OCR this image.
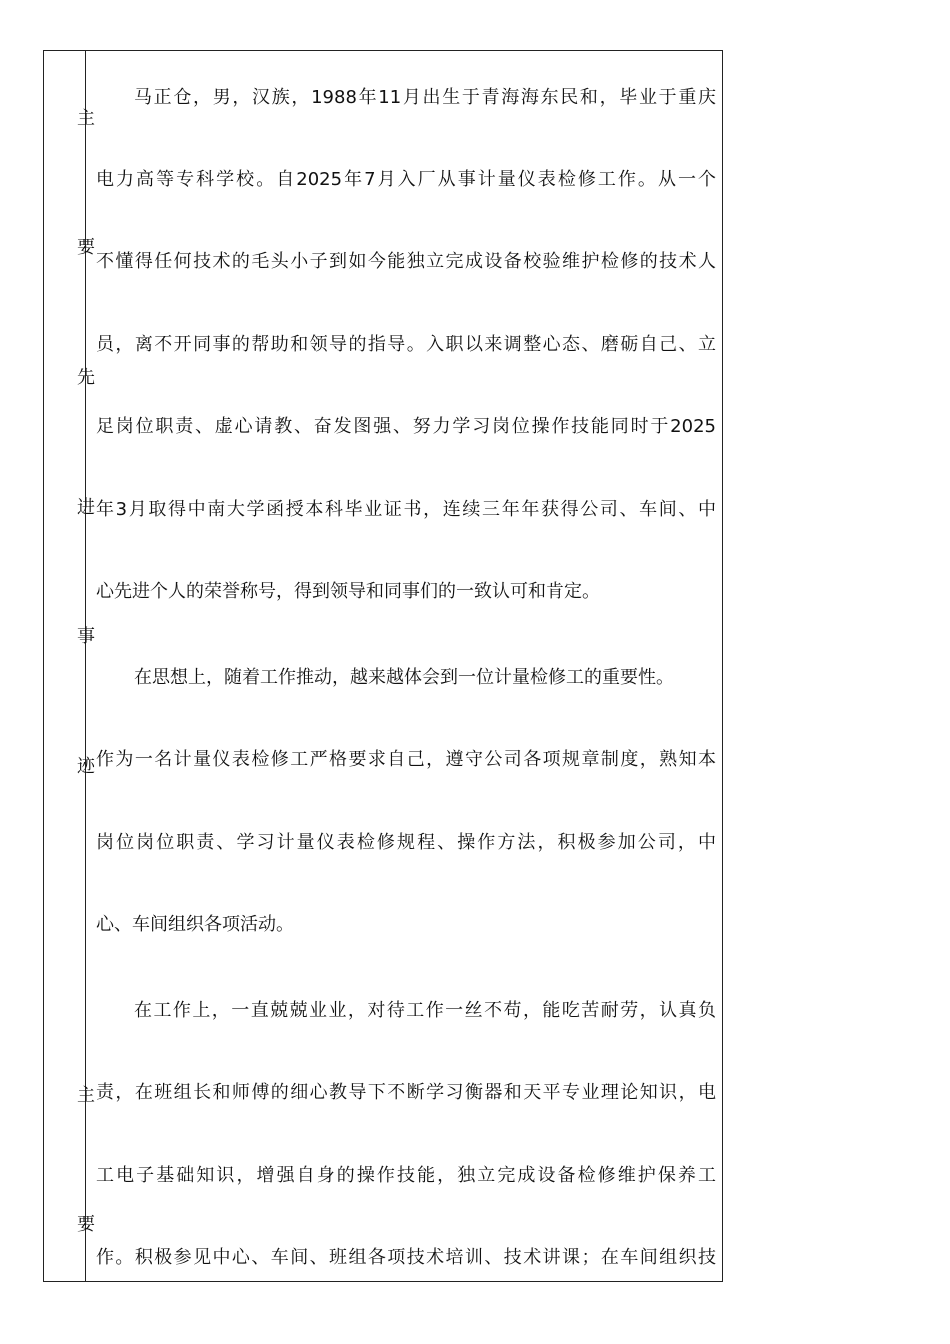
主
要
先
进
事
迹
主
要
马正仓，男，汉族，1988年11月出生于青海海东民和，毕业于重庆
电力高等专科学校。自2025年7月入厂从事计量仪表检修工作。从一个
不懂得任何技术的毛头小子到如今能独立完成设备校验维护检修的技术人
员，离不开同事的帮助和领导的指导。入职以来调整心态、磨砺自己、立
足岗位职责、虚心请教、奋发图强、努力学习岗位操作技能同时于2025
年3月取得中南大学函授本科毕业证书，连续三年年获得公司、车间、中
心先进个人的荣誉称号，得到领导和同事们的一致认可和肯定。
在思想上，随着工作推动，越来越体会到一位计量检修工的重要性。
作为一名计量仪表检修工严格要求自己，遵守公司各项规章制度，熟知本
岗位岗位职责、学习计量仪表检修规程、操作方法，积极参加公司，中
心、车间组织各项活动。
在工作上，一直兢兢业业，对待工作一丝不苟，能吃苦耐劳，认真负
责，在班组长和师傅的细心教导下不断学习衡器和天平专业理论知识，电
工电子基础知识，增强自身的操作技能，独立完成设备检修维护保养工
作。积极参见中心、车间、班组各项技术培训、技术讲课；在车间组织技
